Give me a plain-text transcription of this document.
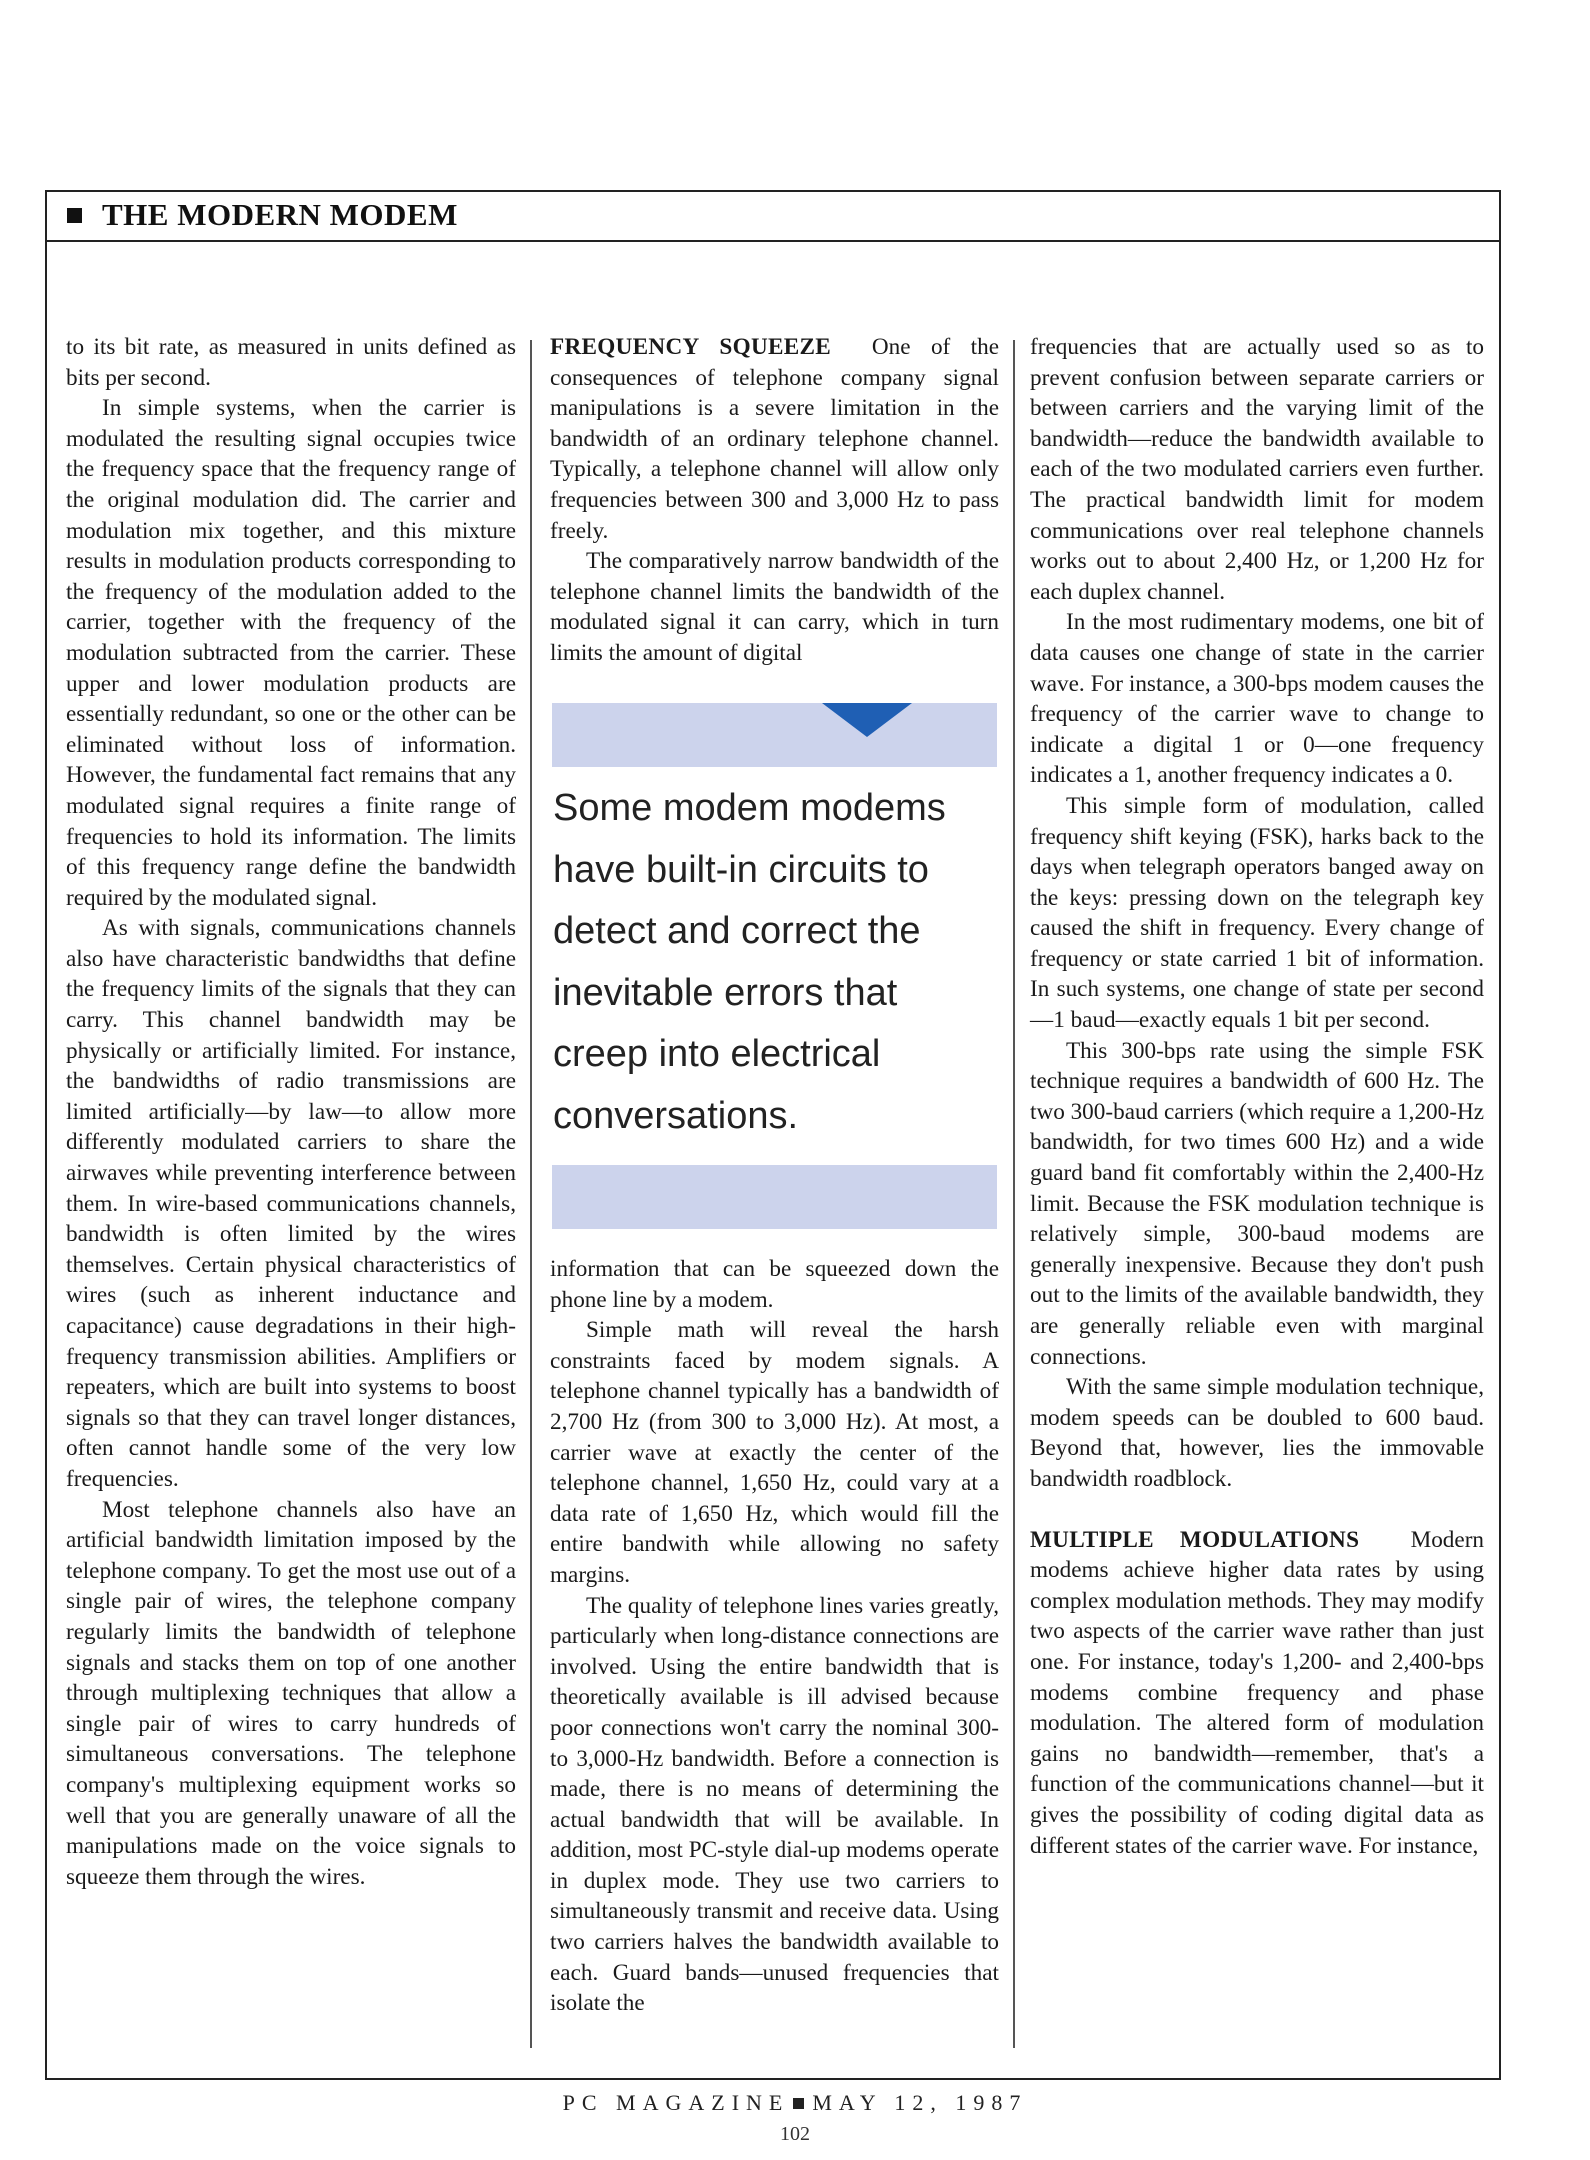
THE MODERN MODEM

to its bit rate, as measured in units defined as bits per second.

In simple systems, when the carrier is modulated the resulting signal occupies twice the frequency space that the frequency range of the original modulation did. The carrier and modulation mix together, and this mixture results in modulation products corresponding to the frequency of the modulation added to the carrier, together with the frequency of the modulation subtracted from the carrier. These upper and lower modulation products are essentially redundant, so one or the other can be eliminated without loss of information. However, the fundamental fact remains that any modulated signal requires a finite range of frequencies to hold its information. The limits of this frequency range define the bandwidth required by the modulated signal.

As with signals, communications channels also have characteristic bandwidths that define the frequency limits of the signals that they can carry. This channel bandwidth may be physically or artificially limited. For instance, the bandwidths of radio transmissions are limited artificially—by law—to allow more differently modulated carriers to share the airwaves while preventing interference between them. In wire-based communications channels, bandwidth is often limited by the wires themselves. Certain physical characteristics of wires (such as inherent inductance and capacitance) cause degradations in their high-frequency transmission abilities. Amplifiers or repeaters, which are built into systems to boost signals so that they can travel longer distances, often cannot handle some of the very low frequencies.

Most telephone channels also have an artificial bandwidth limitation imposed by the telephone company. To get the most use out of a single pair of wires, the telephone company regularly limits the bandwidth of telephone signals and stacks them on top of one another through multiplexing techniques that allow a single pair of wires to carry hundreds of simultaneous conversations. The telephone company's multiplexing equipment works so well that you are generally unaware of all the manipulations made on the voice signals to squeeze them through the wires.

FREQUENCY SQUEEZE One of the consequences of telephone company signal manipulations is a severe limitation in the bandwidth of an ordinary telephone channel. Typically, a telephone channel will allow only frequencies between 300 and 3,000 Hz to pass freely.

The comparatively narrow bandwidth of the telephone channel limits the bandwidth of the modulated signal it can carry, which in turn limits the amount of digital

Some modem modems have built-in circuits to detect and correct the inevitable errors that creep into electrical conversations.

information that can be squeezed down the phone line by a modem.

Simple math will reveal the harsh constraints faced by modem signals. A telephone channel typically has a bandwidth of 2,700 Hz (from 300 to 3,000 Hz). At most, a carrier wave at exactly the center of the telephone channel, 1,650 Hz, could vary at a data rate of 1,650 Hz, which would fill the entire bandwith while allowing no safety margins.

The quality of telephone lines varies greatly, particularly when long-distance connections are involved. Using the entire bandwidth that is theoretically available is ill advised because poor connections won't carry the nominal 300- to 3,000-Hz bandwidth. Before a connection is made, there is no means of determining the actual bandwidth that will be available. In addition, most PC-style dial-up modems operate in duplex mode. They use two carriers to simultaneously transmit and receive data. Using two carriers halves the bandwidth available to each. Guard bands—unused frequencies that isolate the

frequencies that are actually used so as to prevent confusion between separate carriers or between carriers and the varying limit of the bandwidth—reduce the bandwidth available to each of the two modulated carriers even further. The practical bandwidth limit for modem communications over real telephone channels works out to about 2,400 Hz, or 1,200 Hz for each duplex channel.

In the most rudimentary modems, one bit of data causes one change of state in the carrier wave. For instance, a 300-bps modem causes the frequency of the carrier wave to change to indicate a digital 1 or 0—one frequency indicates a 1, another frequency indicates a 0.

This simple form of modulation, called frequency shift keying (FSK), harks back to the days when telegraph operators banged away on the keys: pressing down on the telegraph key caused the shift in frequency. Every change of frequency or state carried 1 bit of information. In such systems, one change of state per second—1 baud—exactly equals 1 bit per second.

This 300-bps rate using the simple FSK technique requires a bandwidth of 600 Hz. The two 300-baud carriers (which require a 1,200-Hz bandwidth, for two times 600 Hz) and a wide guard band fit comfortably within the 2,400-Hz limit. Because the FSK modulation technique is relatively simple, 300-baud modems are generally inexpensive. Because they don't push out to the limits of the available bandwidth, they are generally reliable even with marginal connections.

With the same simple modulation technique, modem speeds can be doubled to 600 baud. Beyond that, however, lies the immovable bandwidth roadblock.

MULTIPLE MODULATIONS Modern modems achieve higher data rates by using complex modulation methods. They may modify two aspects of the carrier wave rather than just one. For instance, today's 1,200- and 2,400-bps modems combine frequency and phase modulation. The altered form of modulation gains no bandwidth—remember, that's a function of the communications channel—but it gives the possibility of coding digital data as different states of the carrier wave. For instance,

PC MAGAZINE MAY 12, 1987
102
